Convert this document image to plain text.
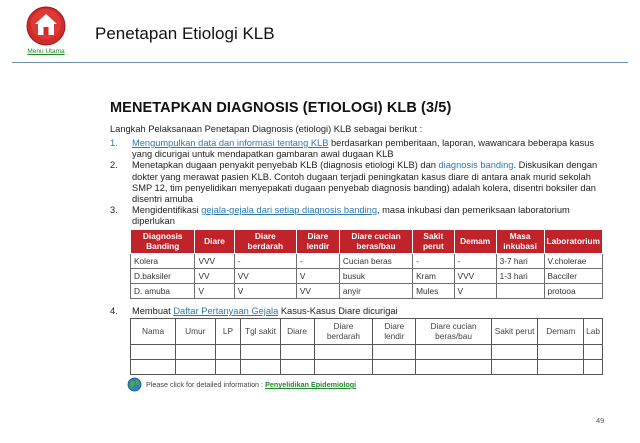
Menu Utama
Penetapan Etiologi KLB
MENETAPKAN DIAGNOSIS (ETIOLOGI) KLB (3/5)
Langkah Pelaksanaan Penetapan Diagnosis (etiologi) KLB sebagai berikut :

1. Mengumpulkan data dan informasi tentang KLB berdasarkan pemberitaan, laporan, wawancara beberapa kasus yang dicurigai untuk mendapatkan gambaran awal dugaan KLB

2. Menetapkan dugaan penyakit penyebab KLB (diagnosis etiologi KLB) dan diagnosis banding. Diskusikan dengan dokter yang merawat pasien KLB. Contoh dugaan terjadi peningkatan kasus diare di antara anak murid sekolah SMP 12, tim penyelidikan menyepakati dugaan penyebab diagnosis banding) adalah kolera, disentri boksiler dan disentri amuba

3. Mengidentifikasi gejala-gejala dari setiap diagnosis banding, masa inkubasi dan pemeriksaan laboratorium diperlukan

Diagnosis Banding	Diare	Diare berdarah	Diare lendir	Diare cucian beras/bau	Sakit perut	Demam	Masa inkubasi	Laboratorium
Kolera	VVV	-	-	Cucian beras	-	-	3-7 hari	V.cholerae
D.baksiler	VV	VV	V	busuk	Kram	VVV	1-3 hari	Bacciler
D. amuba	V	V	VV	anyir	Mules	V		protooa
4. Membuat Daftar Pertanyaan Gejala Kasus-Kasus Diare dicurigai
Nama	Umur	LP	Tgl sakit	Diare	Diare berdarah	Diare lendir	Diare cucian beras/bau	Sakit perut	Demam	Lab

Please click for detailed information : Penyelidikan Epidemiologi
49
